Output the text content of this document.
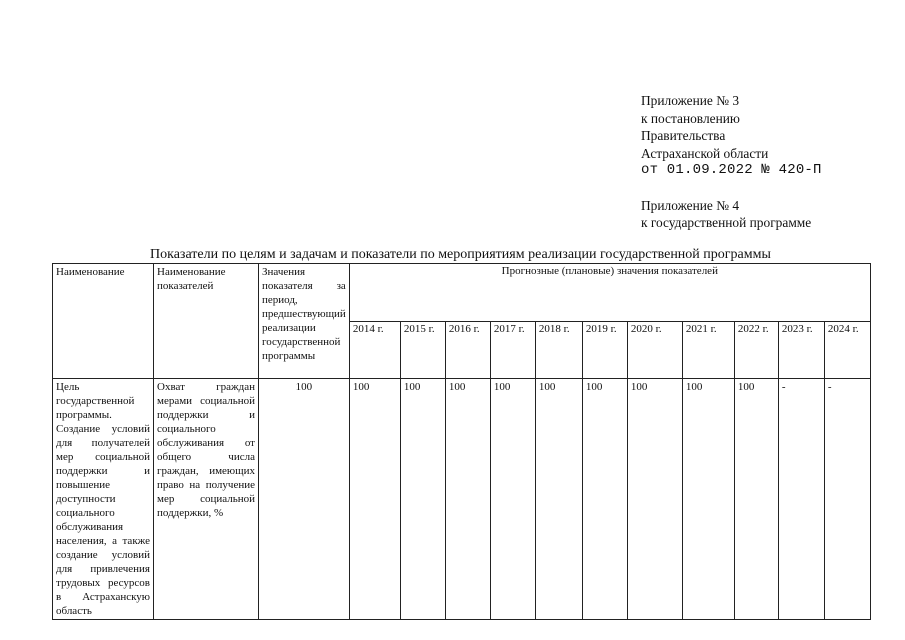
Приложение № 3
к постановлению
Правительства
Астраханской области
от 01.09.2022 № 420-П
Приложение № 4
к государственной программе
Показатели по целям и задачам и показатели по мероприятиям реализации государственной программы
Наименование	Наименование показателей	Значения показателя за период, предшествующий реализации государственной программы	Прогнозные (плановые) значения показателей										
			2014 г.	2015 г.	2016 г.	2017 г.	2018 г.	2019 г.	2020 г.	2021 г.	2022 г.	2023 г.	2024 г.
Цель государственной программы. Создание условий для получателей мер социальной поддержки и повышение доступности социального обслуживания населения, а также создание условий для привлечения трудовых ресурсов в Астраханскую область	Охват граждан мерами социальной поддержки и социального обслуживания от общего числа граждан, имеющих право на получение мер социальной поддержки, %	100	100	100	100	100	100	100	100	100	100	-	-
